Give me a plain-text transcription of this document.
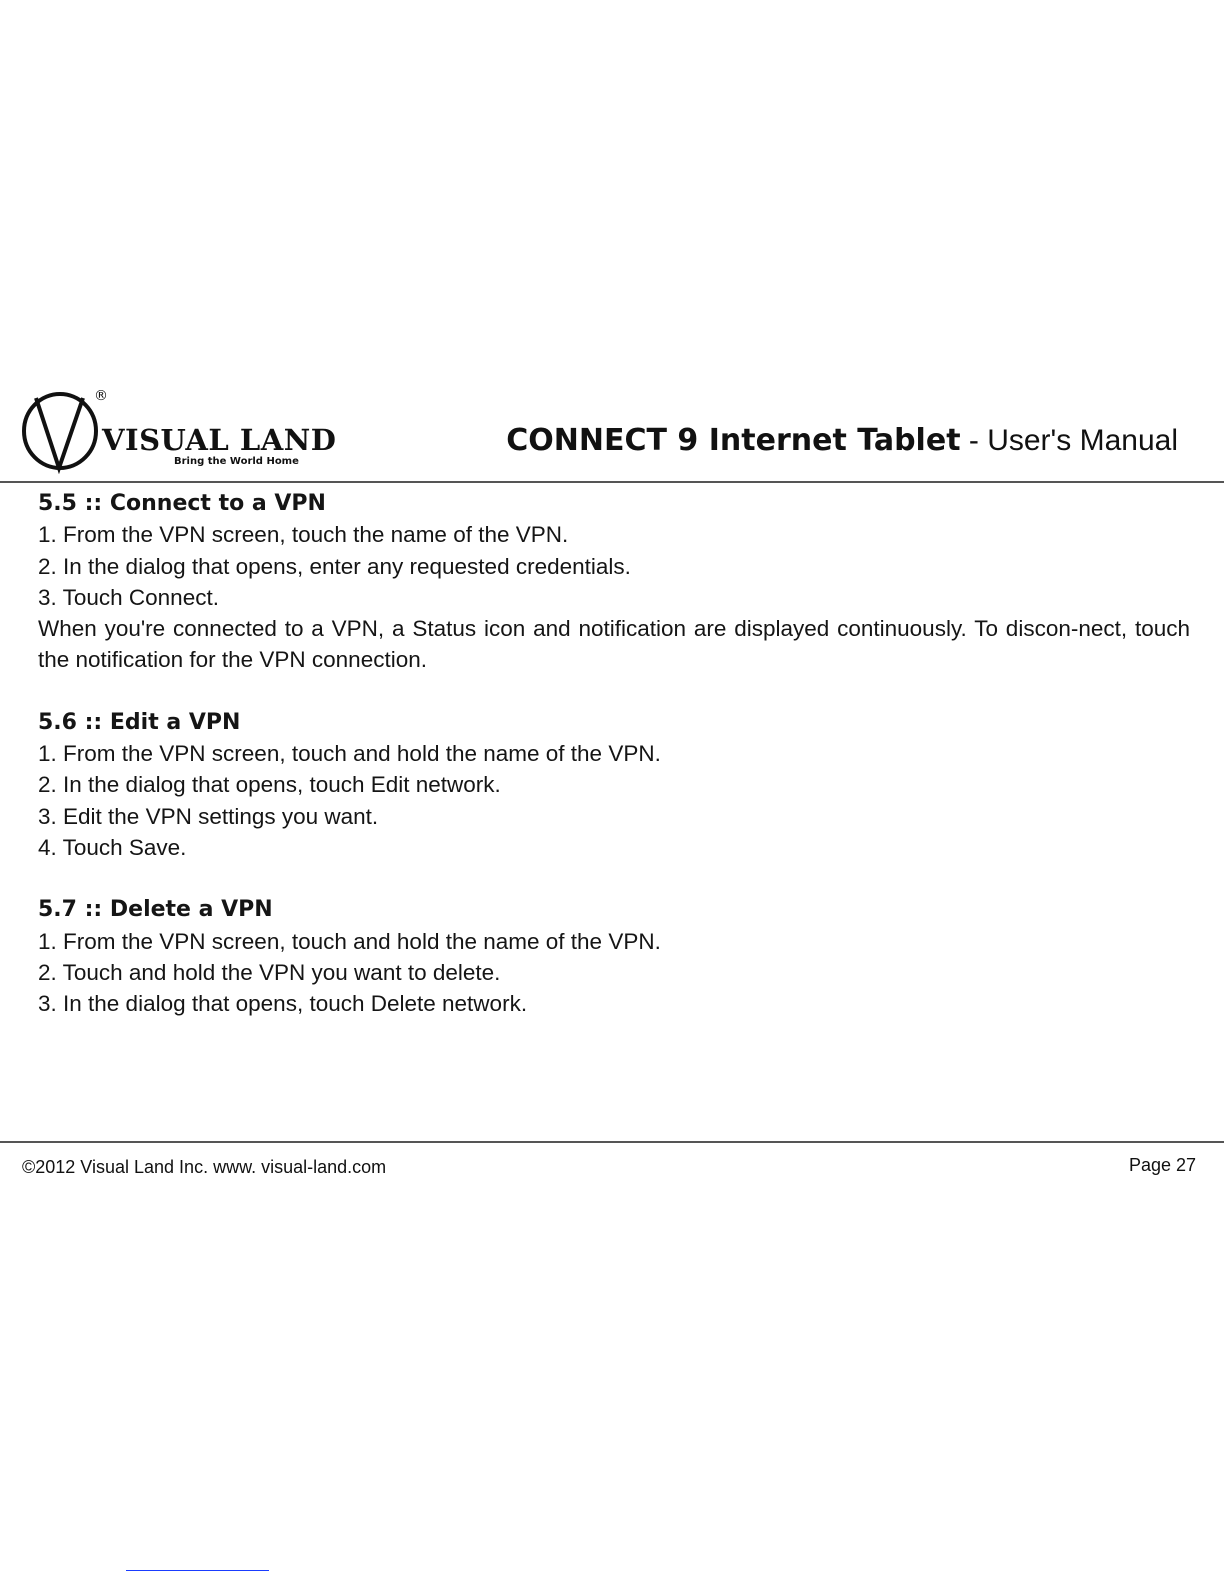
®
VISUAL LAND
Bring the World Home
CONNECT 9 Internet Tablet - User's Manual
5.5 :: Connect to a VPN
1. From the VPN screen, touch the name of the VPN.
2. In the dialog that opens, enter any requested credentials.
3. Touch Connect.

When you're connected to a VPN, a Status icon and notification are displayed continuously. To discon-nect, touch the notification for the VPN connection.

5.6 :: Edit a VPN
1. From the VPN screen, touch and hold the name of the VPN.
2. In the dialog that opens, touch Edit network.
3. Edit the VPN settings you want.
4. Touch Save.
5.7 :: Delete a VPN
1. From the VPN screen, touch and hold the name of the VPN.
2. Touch and hold the VPN you want to delete.
3. In the dialog that opens, touch Delete network.
©2012 Visual Land Inc. www. visual-land.com	Page 27
